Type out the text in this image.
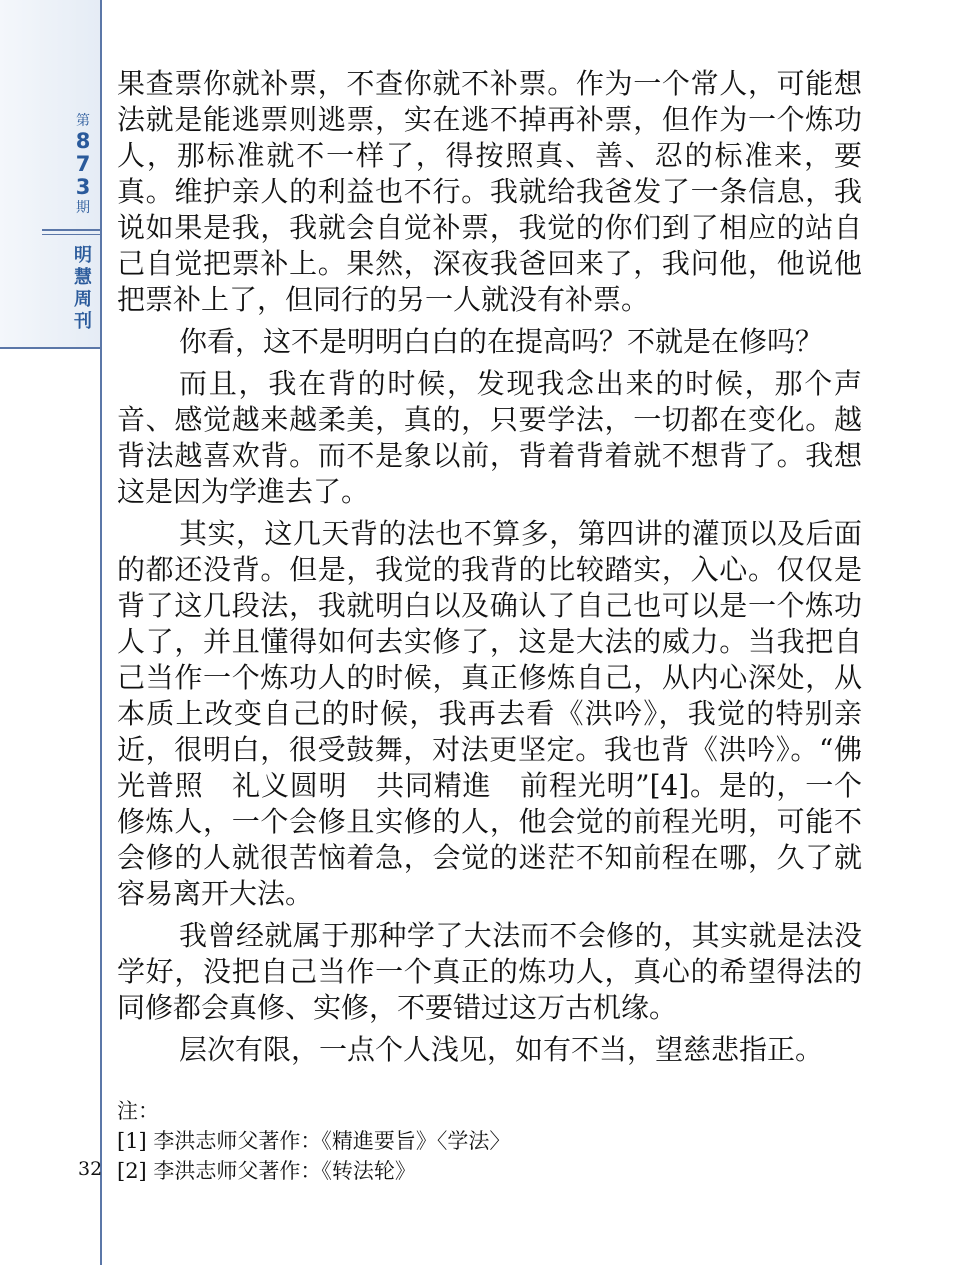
第
8
7
3
期
明
慧
周
刊

果查票你就补票，不查你就不补票。作为一个常人，可能想法就是能逃票则逃票，实在逃不掉再补票，但作为一个炼功人，那标准就不一样了，得按照真、善、忍的标准来，要真。维护亲人的利益也不行。我就给我爸发了一条信息，我说如果是我，我就会自觉补票，我觉的你们到了相应的站自己自觉把票补上。果然，深夜我爸回来了，我问他，他说他把票补上了，但同行的另一人就没有补票。

你看，这不是明明白白的在提高吗？不就是在修吗？

而且，我在背的时候，发现我念出来的时候，那个声音、感觉越来越柔美，真的，只要学法，一切都在变化。越背法越喜欢背。而不是象以前，背着背着就不想背了。我想这是因为学進去了。

其实，这几天背的法也不算多，第四讲的灌顶以及后面的都还没背。但是，我觉的我背的比较踏实，入心。仅仅是背了这几段法，我就明白以及确认了自己也可以是一个炼功人了，并且懂得如何去实修了，这是大法的威力。当我把自己当作一个炼功人的时候，真正修炼自己，从内心深处，从本质上改变自己的时候，我再去看《洪吟》，我觉的特别亲近，很明白，很受鼓舞，对法更坚定。我也背《洪吟》。“佛光普照　礼义圆明　共同精進　前程光明”[4]。是的，一个修炼人，一个会修且实修的人，他会觉的前程光明，可能不会修的人就很苦恼着急，会觉的迷茫不知前程在哪，久了就容易离开大法。

我曾经就属于那种学了大法而不会修的，其实就是法没学好，没把自己当作一个真正的炼功人，真心的希望得法的同修都会真修、实修，不要错过这万古机缘。

层次有限，一点个人浅见，如有不当，望慈悲指正。

注：
[1] 李洪志师父著作：《精進要旨》〈学法〉
[2] 李洪志师父著作：《转法轮》
32
